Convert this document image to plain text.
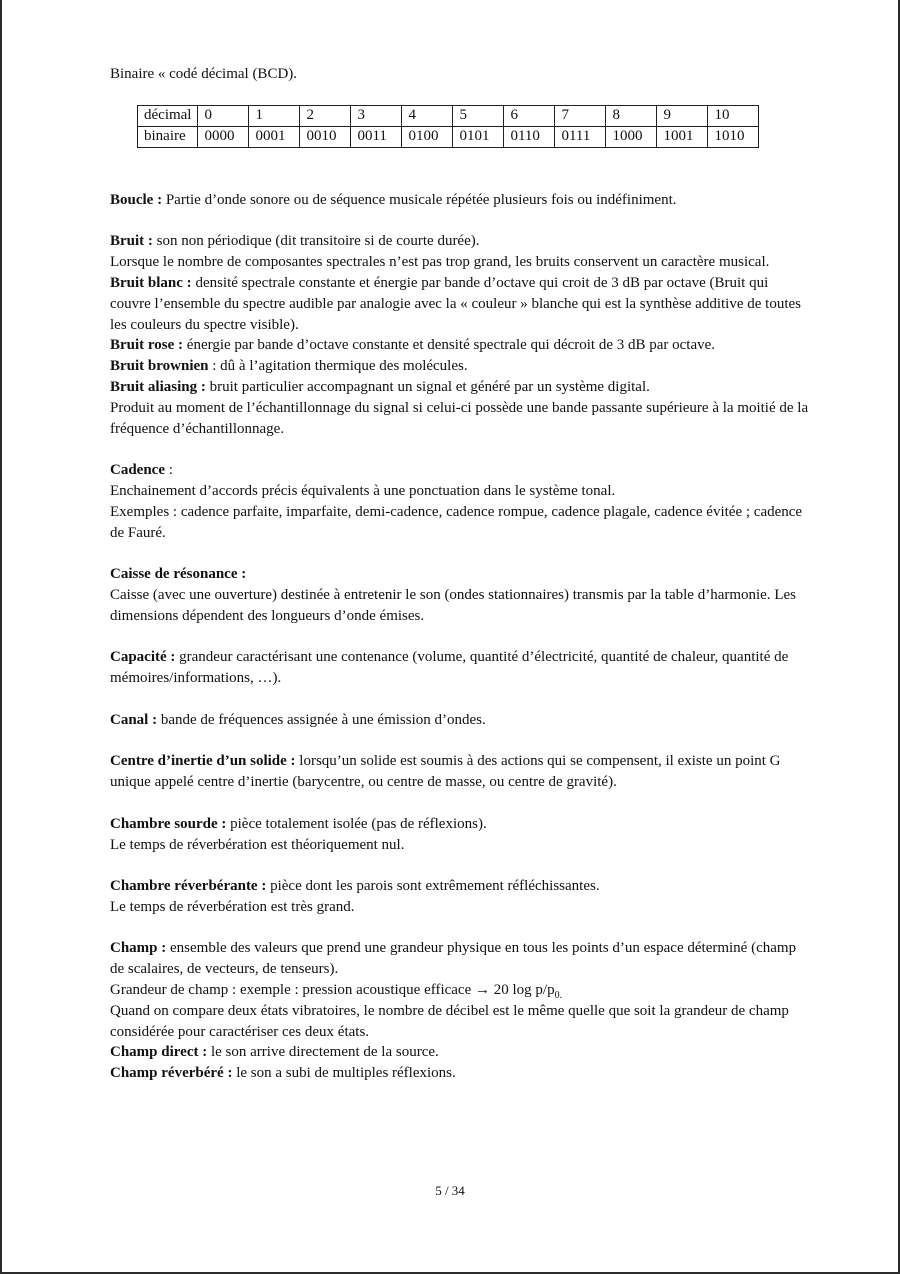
Binaire « codé décimal (BCD).

décimal	0	1	2	3	4	5	6	7	8	9	10
binaire	0000	0001	0010	0011	0100	0101	0110	0111	1000	1001	1010

Boucle : Partie d’onde sonore ou de séquence musicale répétée plusieurs fois ou indéfiniment.

Bruit : son non périodique (dit transitoire si de courte durée).

Lorsque le nombre de composantes spectrales n’est pas trop grand, les bruits conservent un caractère musical.

Bruit blanc : densité spectrale constante et énergie par bande d’octave qui croit de 3 dB par octave (Bruit qui couvre l’ensemble du spectre audible par analogie avec la « couleur » blanche qui est la synthèse additive de toutes les couleurs du spectre visible).

Bruit rose : énergie par bande d’octave constante et densité spectrale qui décroit de 3 dB par octave.

Bruit brownien : dû à l’agitation thermique des molécules.

Bruit aliasing : bruit particulier accompagnant un signal et généré par un système digital.

Produit au moment de l’échantillonnage du signal si celui-ci possède une bande passante supérieure à la moitié de la fréquence d’échantillonnage.

Cadence :

Enchainement d’accords précis équivalents à une ponctuation dans le système tonal.

Exemples : cadence parfaite, imparfaite, demi-cadence, cadence rompue, cadence plagale, cadence évitée ; cadence de Fauré.

Caisse de résonance :

Caisse (avec une ouverture) destinée à entretenir le son (ondes stationnaires) transmis par la table d’harmonie. Les dimensions dépendent des longueurs d’onde émises.

Capacité : grandeur caractérisant une contenance (volume, quantité d’électricité, quantité de chaleur, quantité de mémoires/informations, …).

Canal : bande de fréquences assignée à une émission d’ondes.

Centre d’inertie d’un solide : lorsqu’un solide est soumis à des actions qui se compensent, il existe un point G unique appelé centre d’inertie (barycentre, ou centre de masse, ou centre de gravité).

Chambre sourde : pièce totalement isolée (pas de réflexions).

Le temps de réverbération est théoriquement nul.

Chambre réverbérante : pièce dont les parois sont extrêmement réfléchissantes.

Le temps de réverbération est très grand.

Champ : ensemble des valeurs que prend une grandeur physique en tous les points d’un espace déterminé (champ de scalaires, de vecteurs, de tenseurs).

Grandeur de champ : exemple : pression acoustique efficace → 20 $\log p/p_{0.}$

Quand on compare deux états vibratoires, le nombre de décibel est le même quelle que soit la grandeur de champ considérée pour caractériser ces deux états.

Champ direct : le son arrive directement de la source.

Champ réverbéré : le son a subi de multiples réflexions.

5 / 34
